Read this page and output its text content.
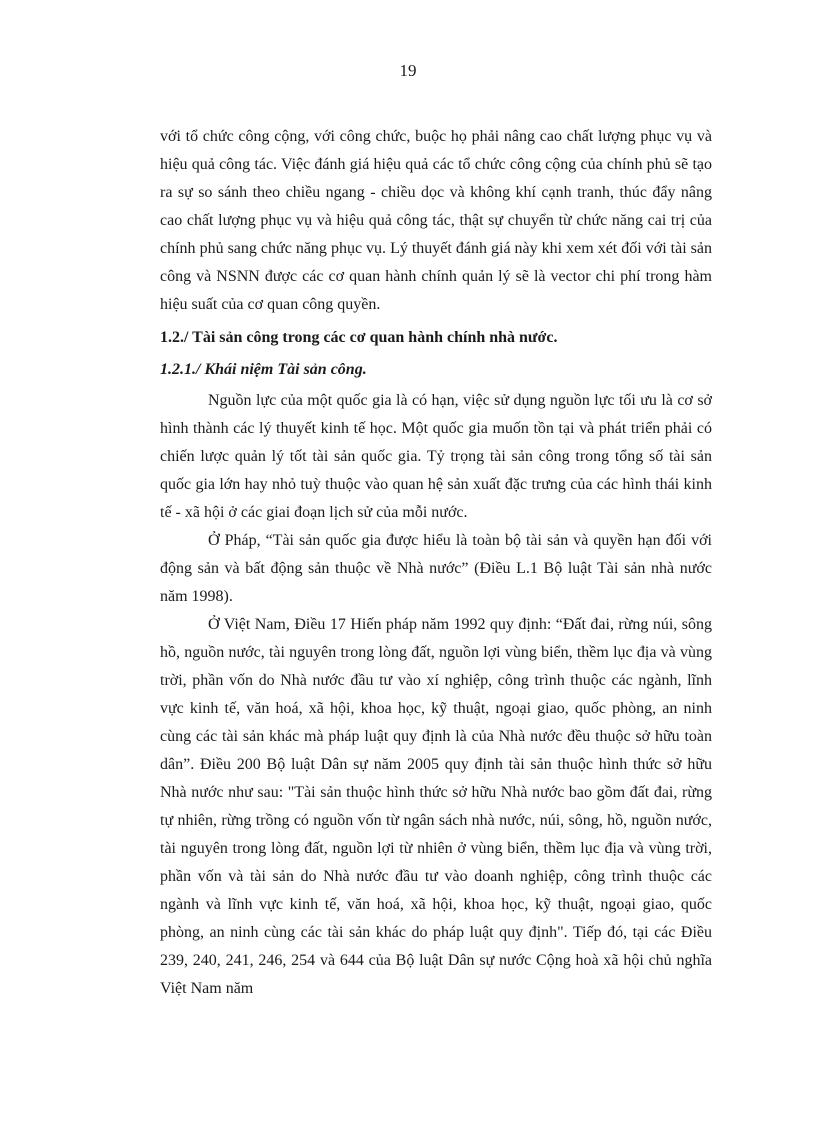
19

với tổ chức công cộng, với công chức, buộc họ phải nâng cao chất lượng phục vụ và hiệu quả công tác. Việc đánh giá hiệu quả các tổ chức công cộng của chính phủ sẽ tạo ra sự so sánh theo chiều ngang - chiều dọc và không khí cạnh tranh, thúc đẩy nâng cao chất lượng phục vụ và hiệu quả công tác, thật sự chuyển từ chức năng cai trị của chính phủ sang chức năng phục vụ. Lý thuyết đánh giá này khi xem xét đối với tài sản công và NSNN được các cơ quan hành chính quản lý sẽ là vector chi phí trong hàm hiệu suất của cơ quan công quyền.

1.2./ Tài sản công trong các cơ quan hành chính nhà nước.
1.2.1./ Khái niệm Tài sản công.

Nguồn lực của một quốc gia là có hạn, việc sử dụng nguồn lực tối ưu là cơ sở hình thành các lý thuyết kinh tế học. Một quốc gia muốn tồn tại và phát triển phải có chiến lược quản lý tốt tài sản quốc gia. Tỷ trọng tài sản công trong tổng số tài sản quốc gia lớn hay nhỏ tuỳ thuộc vào quan hệ sản xuất đặc trưng của các hình thái kinh tế - xã hội ở các giai đoạn lịch sử của mỗi nước.

Ở Pháp, “Tài sản quốc gia được hiểu là toàn bộ tài sản và quyền hạn đối với động sản và bất động sản thuộc về Nhà nước” (Điều L.1 Bộ luật Tài sản nhà nước năm 1998).

Ở Việt Nam, Điều 17 Hiến pháp năm 1992 quy định: “Đất đai, rừng núi, sông hồ, nguồn nước, tài nguyên trong lòng đất, nguồn lợi vùng biển, thềm lục địa và vùng trời, phần vốn do Nhà nước đầu tư vào xí nghiệp, công trình thuộc các ngành, lĩnh vực kinh tế, văn hoá, xã hội, khoa học, kỹ thuật, ngoại giao, quốc phòng, an ninh cùng các tài sản khác mà pháp luật quy định là của Nhà nước đều thuộc sở hữu toàn dân”. Điều 200 Bộ luật Dân sự năm 2005 quy định tài sản thuộc hình thức sở hữu Nhà nước như sau: "Tài sản thuộc hình thức sở hữu Nhà nước bao gồm đất đai, rừng tự nhiên, rừng trồng có nguồn vốn từ ngân sách nhà nước, núi, sông, hồ, nguồn nước, tài nguyên trong lòng đất, nguồn lợi từ nhiên ở vùng biển, thềm lục địa và vùng trời, phần vốn và tài sản do Nhà nước đầu tư vào doanh nghiệp, công trình thuộc các ngành và lĩnh vực kinh tế, văn hoá, xã hội, khoa học, kỹ thuật, ngoại giao, quốc phòng, an ninh cùng các tài sản khác do pháp luật quy định". Tiếp đó, tại các Điều 239, 240, 241, 246, 254 và 644 của Bộ luật Dân sự nước Cộng hoà xã hội chủ nghĩa Việt Nam năm
